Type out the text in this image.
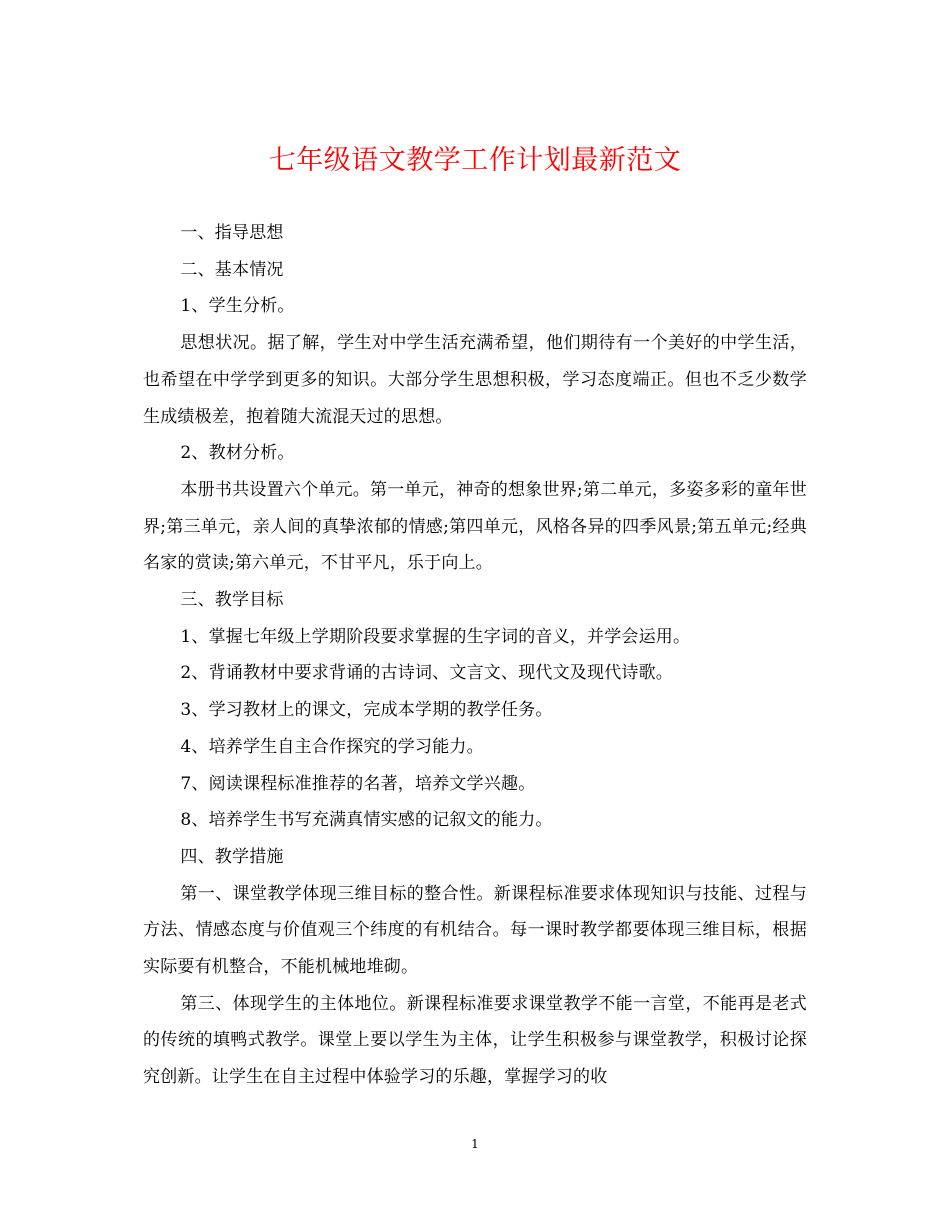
七年级语文教学工作计划最新范文

一、指导思想

二、基本情况

1、学生分析。

思想状况。据了解，学生对中学生活充满希望，他们期待有一个美好的中学生活，也希望在中学学到更多的知识。大部分学生思想积极，学习态度端正。但也不乏少数学生成绩极差，抱着随大流混天过的思想。

2、教材分析。

本册书共设置六个单元。第一单元，神奇的想象世界;第二单元，多姿多彩的童年世界;第三单元，亲人间的真挚浓郁的情感;第四单元，风格各异的四季风景;第五单元;经典名家的赏读;第六单元，不甘平凡，乐于向上。

三、教学目标

1、掌握七年级上学期阶段要求掌握的生字词的音义，并学会运用。

2、背诵教材中要求背诵的古诗词、文言文、现代文及现代诗歌。

3、学习教材上的课文，完成本学期的教学任务。

4、培养学生自主合作探究的学习能力。

7、阅读课程标准推荐的名著，培养文学兴趣。

8、培养学生书写充满真情实感的记叙文的能力。

四、教学措施

第一、课堂教学体现三维目标的整合性。新课程标准要求体现知识与技能、过程与方法、情感态度与价值观三个纬度的有机结合。每一课时教学都要体现三维目标，根据实际要有机整合，不能机械地堆砌。

第三、体现学生的主体地位。新课程标准要求课堂教学不能一言堂，不能再是老式的传统的填鸭式教学。课堂上要以学生为主体，让学生积极参与课堂教学，积极讨论探究创新。让学生在自主过程中体验学习的乐趣，掌握学习的收

1
